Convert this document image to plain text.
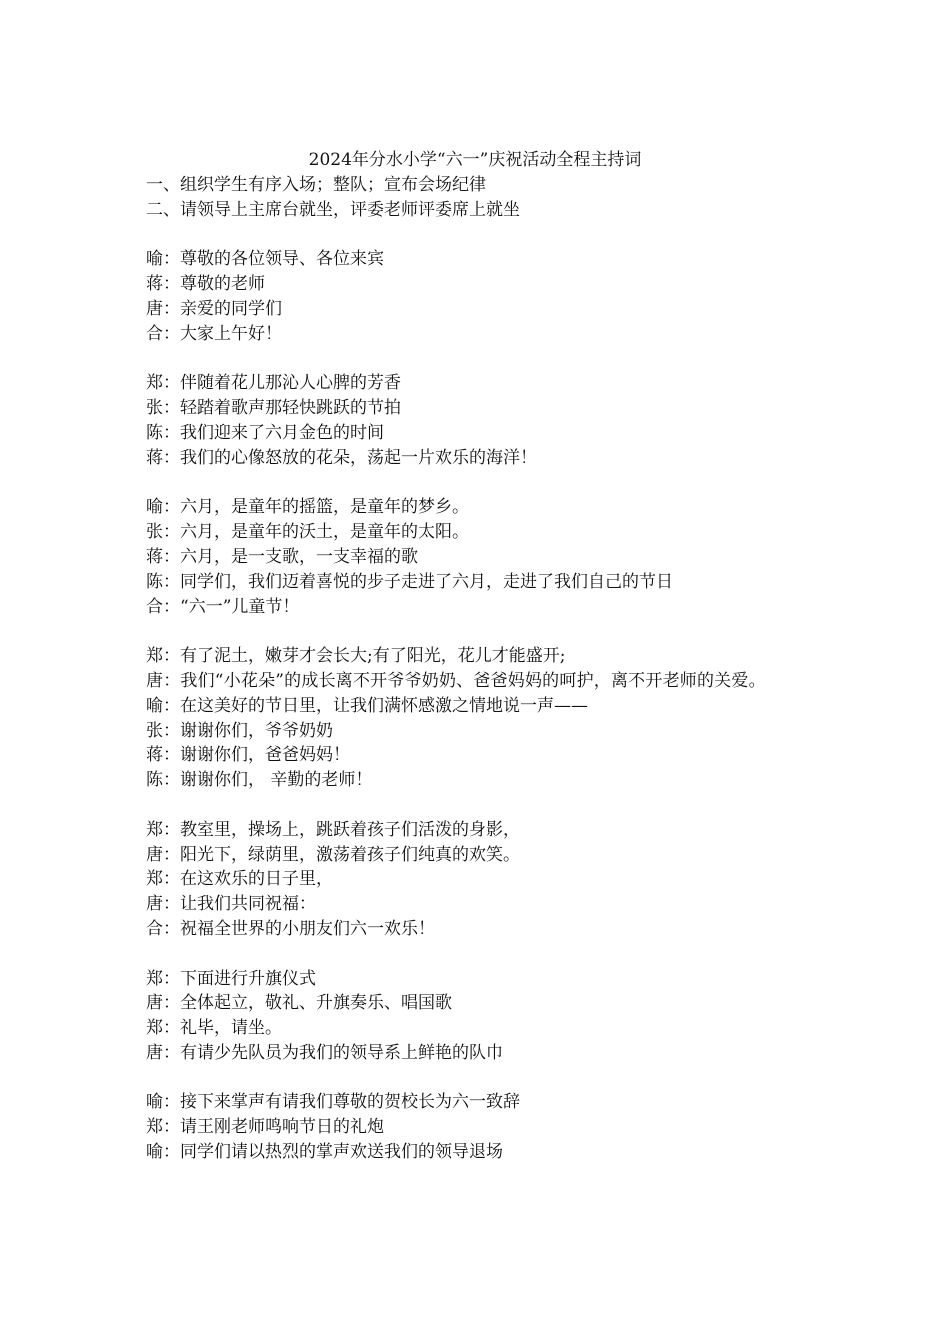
2024年分水小学“六一”庆祝活动全程主持词
一、组织学生有序入场；整队；宣布会场纪律
二、请领导上主席台就坐，评委老师评委席上就坐
喻：尊敬的各位领导、各位来宾
蒋：尊敬的老师
唐：亲爱的同学们
合：大家上午好！
郑：伴随着花儿那沁人心脾的芳香
张：轻踏着歌声那轻快跳跃的节拍
陈：我们迎来了六月金色的时间
蒋：我们的心像怒放的花朵，荡起一片欢乐的海洋！
喻：六月，是童年的摇篮，是童年的梦乡。
张：六月，是童年的沃土，是童年的太阳。
蒋：六月，是一支歌，一支幸福的歌
陈：同学们，我们迈着喜悦的步子走进了六月，走进了我们自己的节日
合：“六一”儿童节！
郑：有了泥土，嫩芽才会长大;有了阳光，花儿才能盛开;
唐：我们“小花朵”的成长离不开爷爷奶奶、爸爸妈妈的呵护，离不开老师的关爱。
喻：在这美好的节日里，让我们满怀感激之情地说一声——
张：谢谢你们，爷爷奶奶
蒋：谢谢你们，爸爸妈妈！
陈：谢谢你们， 辛勤的老师！
郑：教室里，操场上，跳跃着孩子们活泼的身影，
唐：阳光下，绿荫里，激荡着孩子们纯真的欢笑。
郑：在这欢乐的日子里，
唐：让我们共同祝福：
合：祝福全世界的小朋友们六一欢乐！
郑：下面进行升旗仪式
唐：全体起立，敬礼、升旗奏乐、唱国歌
郑：礼毕，请坐。
唐：有请少先队员为我们的领导系上鲜艳的队巾
喻：接下来掌声有请我们尊敬的贺校长为六一致辞
郑：请王刚老师鸣响节日的礼炮
喻：同学们请以热烈的掌声欢送我们的领导退场
